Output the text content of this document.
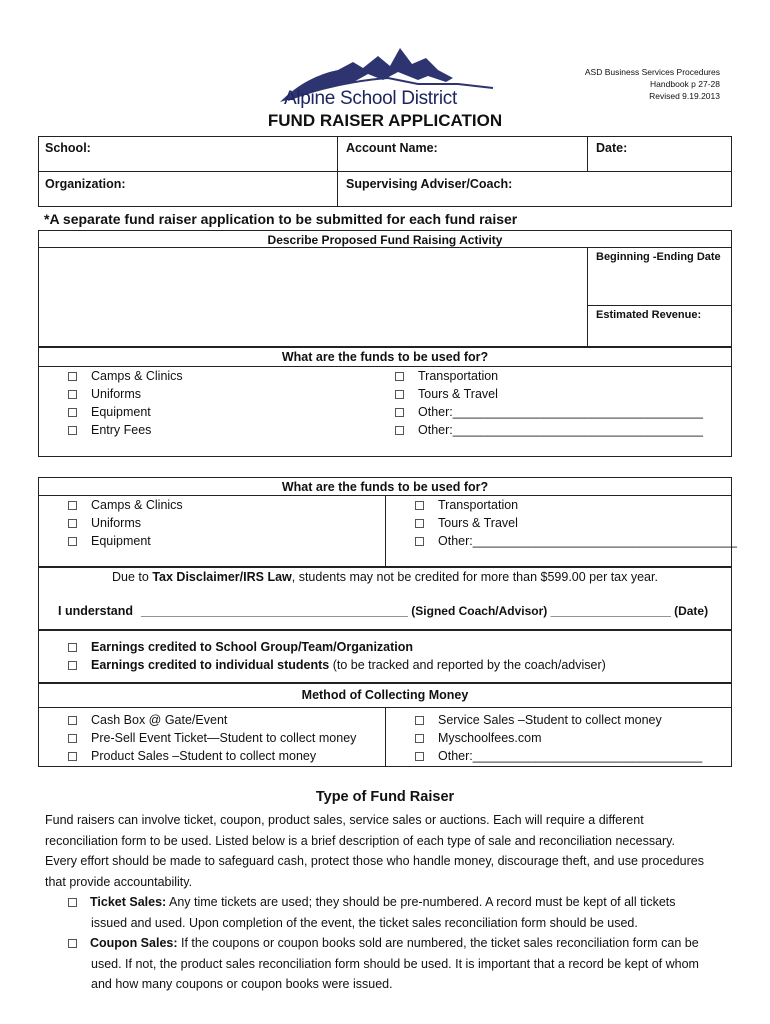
Alpine School District
ASD Business Services Procedures
Handbook p 27-28
Revised 9.19.2013
FUND RAISER APPLICATION
School:	Account Name:	Date:
Organization:	Supervising Adviser/Coach:
*A separate fund raiser application to be submitted for each fund raiser
Describe Proposed Fund Raising Activity
Beginning -Ending Date
Estimated Revenue:
What are the funds to be used for?
Camps & Clinics
Uniforms
Equipment
Entry Fees
Transportation
Tours & Travel
Other:____________________________________
Other:____________________________________
What are the funds to be used for?
Camps & Clinics
Uniforms
Equipment
Transportation
Tours & Travel
Other:______________________________________
Due to Tax Disclaimer/IRS Law, students may not be credited for more than $599.00 per tax year.
I understand ________________________________________ (Signed Coach/Advisor) __________________ (Date)
Earnings credited to School Group/Team/Organization
Earnings credited to individual students (to be tracked and reported by the coach/adviser)
Method of Collecting Money
Cash Box @ Gate/Event
Pre-Sell Event Ticket—Student to collect money
Product Sales –Student to collect money
Service Sales –Student to collect money
Myschoolfees.com
Other:_________________________________
Type of Fund Raiser
Fund raisers can involve ticket, coupon, product sales, service sales or auctions. Each will require a different
reconciliation form to be used. Listed below is a brief description of each type of sale and reconciliation necessary.
Every effort should be made to safeguard cash, protect those who handle money, discourage theft, and use procedures
that provide accountability.
Ticket Sales: Any time tickets are used; they should be pre-numbered. A record must be kept of all tickets
issued and used. Upon completion of the event, the ticket sales reconciliation form should be used.
Coupon Sales: If the coupons or coupon books sold are numbered, the ticket sales reconciliation form can be
used. If not, the product sales reconciliation form should be used. It is important that a record be kept of whom
and how many coupons or coupon books were issued.
